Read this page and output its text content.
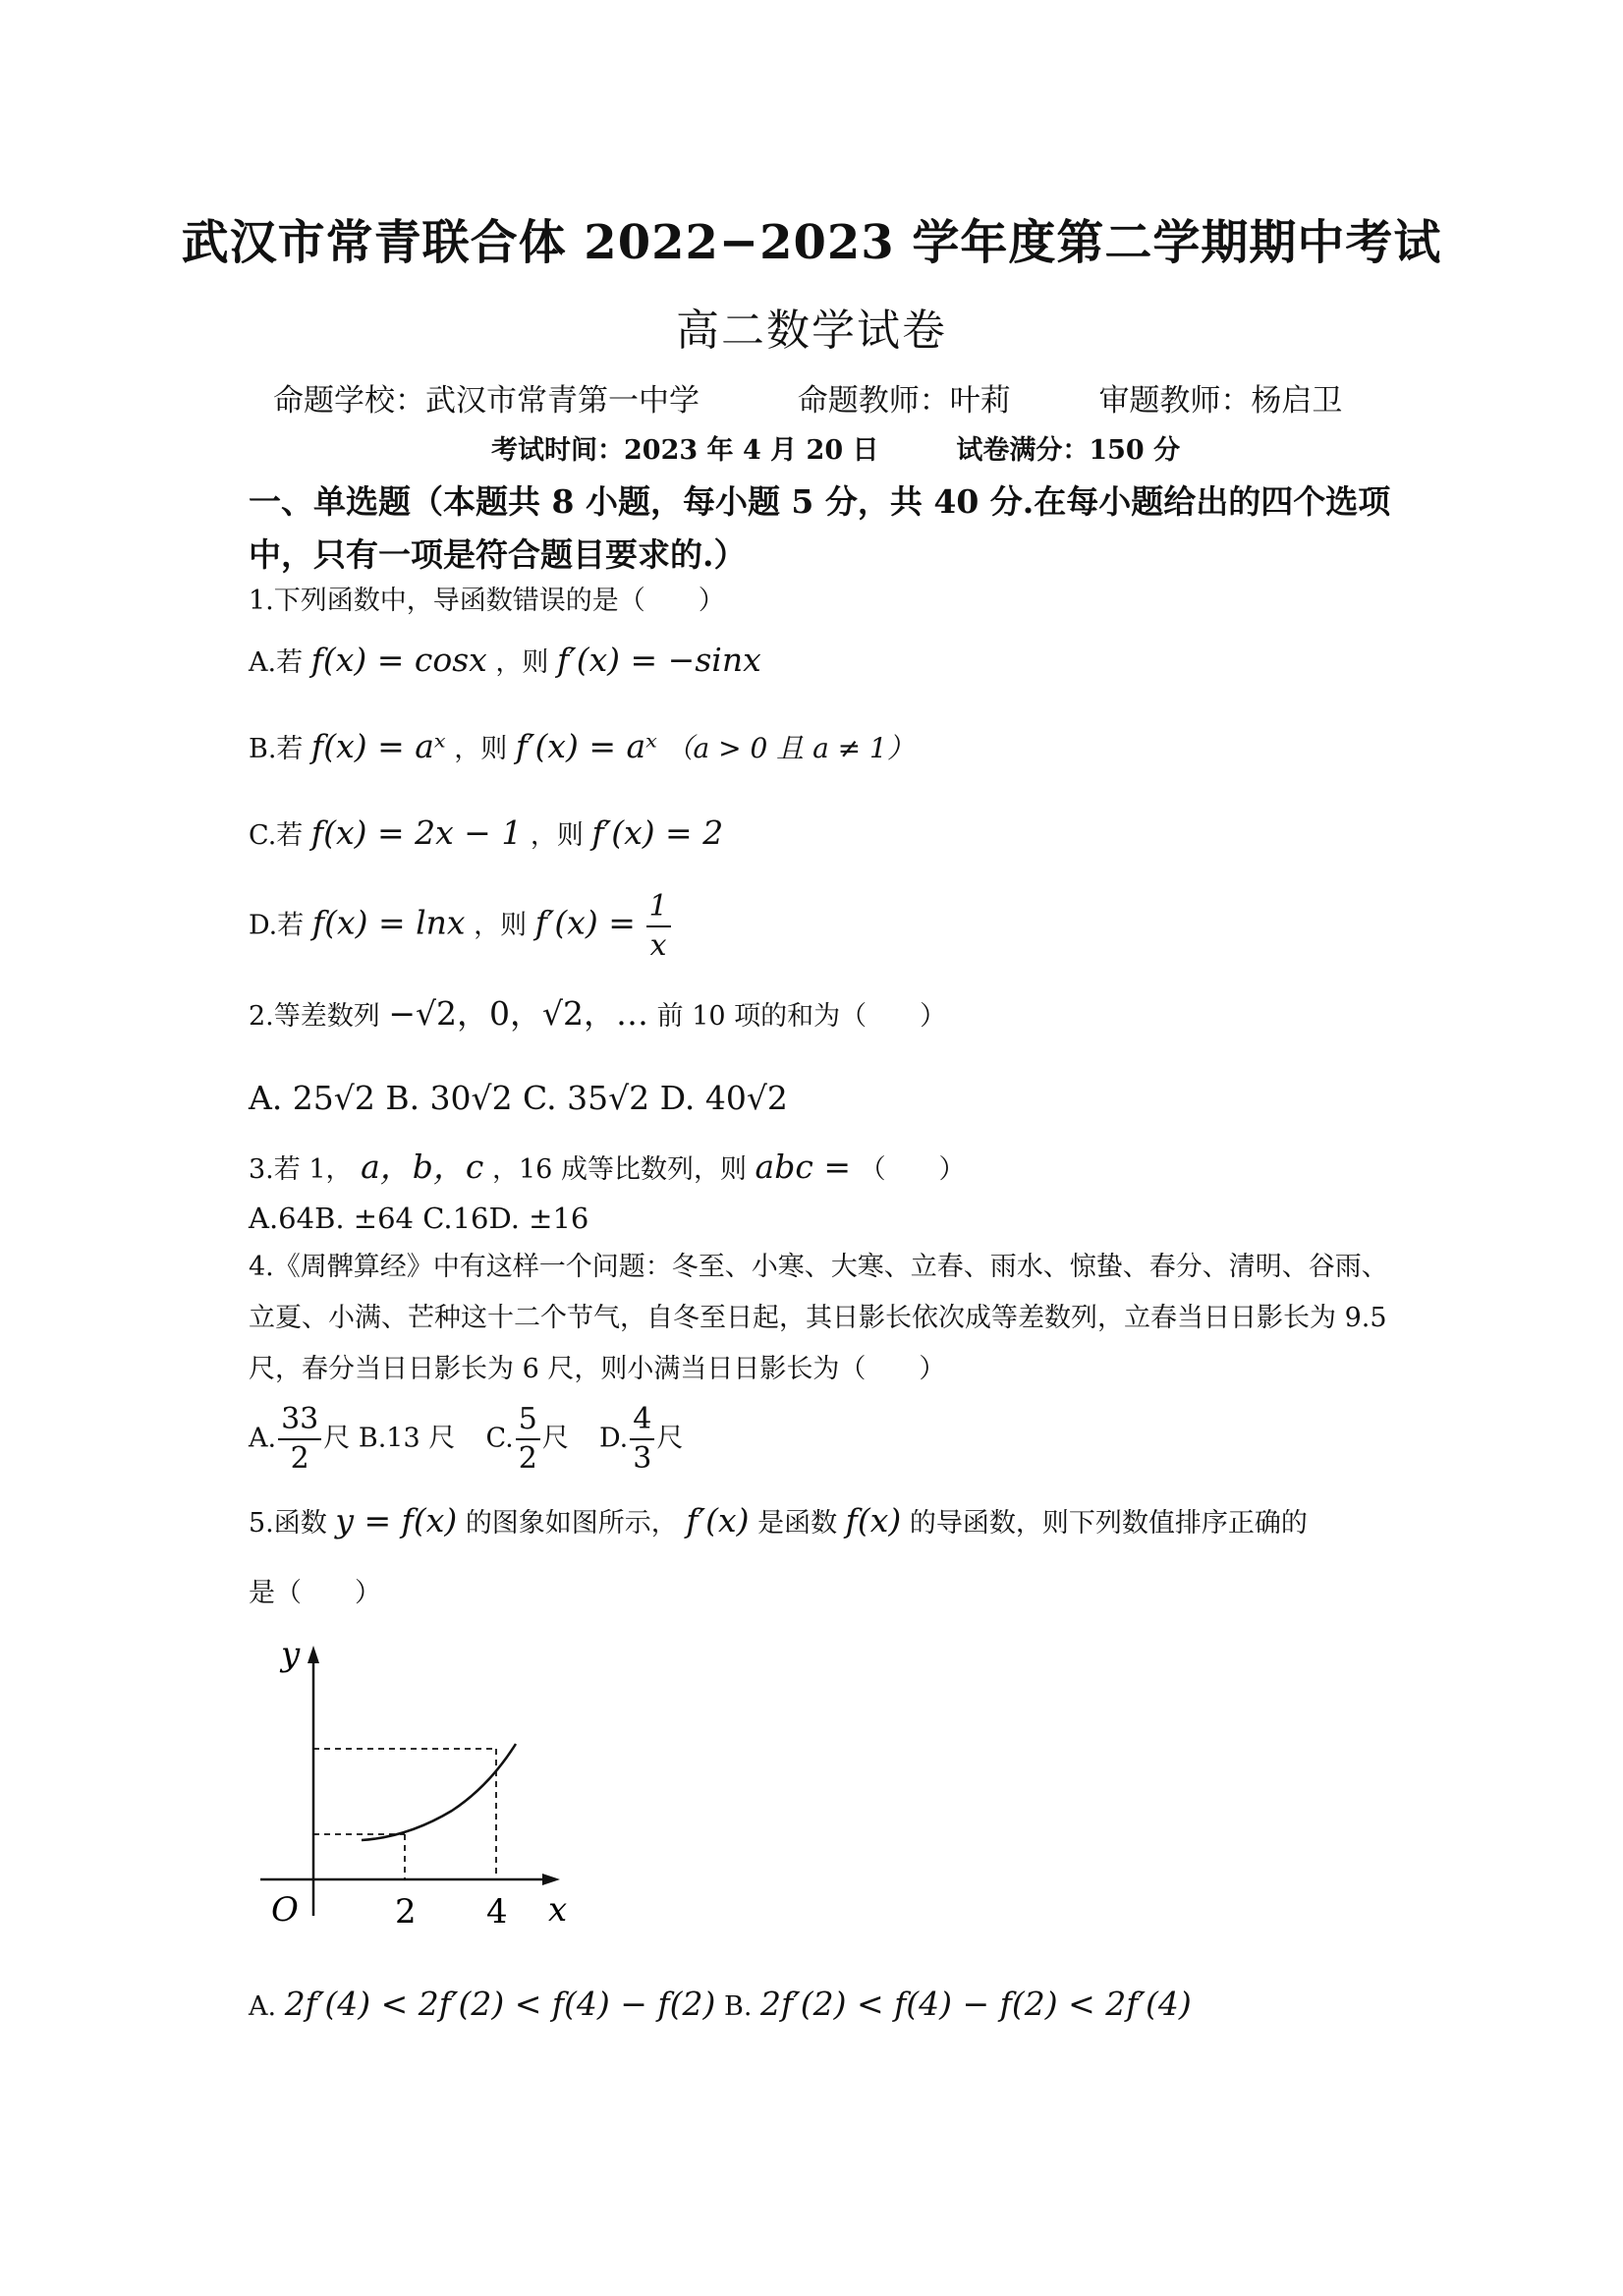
武汉市常青联合体 2022−2023 学年度第二学期期中考试
高二数学试卷
命题学校：武汉市常青第一中学	命题教师：叶莉	审题教师：杨启卫
考试时间：2023 年 4 月 20 日	试卷满分：150 分
一、单选题（本题共 8 小题，每小题 5 分，共 40 分.在每小题给出的四个选项中，只有一项是符合题目要求的.）
1.下列函数中，导函数错误的是（　　）
A.若 f(x) = cosx ，则 f′(x) = −sinx
B.若 f(x) = aˣ ，则 f′(x) = aˣ （a > 0 且 a ≠ 1）
C.若 f(x) = 2x − 1 ，则 f′(x) = 2
D.若 f(x) = lnx ，则 $f'(x) = \frac{1}{x}$
2.等差数列 −√2，0，√2，… 前 10 项的和为（　　）
A. 25√2 B. 30√2 C. 35√2 D. 40√2
3.若 1， a，b，c ，16 成等比数列，则 abc = （　　）
A.64B. ±64 C.16D. ±16
4.《周髀算经》中有这样一个问题：冬至、小寒、大寒、立春、雨水、惊蛰、春分、清明、谷雨、立夏、小满、芒种这十二个节气，自冬至日起，其日影长依次成等差数列，立春当日日影长为 9.5 尺，春分当日日影长为 6 尺，则小满当日日影长为（　　）
A. $\frac{33}{2}$ 尺 B.13 尺 C. $\frac{5}{2}$ 尺 D. $\frac{4}{3}$ 尺
5.函数 y = f(x) 的图象如图所示， f′(x) 是函数 f(x) 的导函数，则下列数值排序正确的
是（　　）
y
x
O	2 4
A. 2f′(4) < 2f′(2) < f(4) − f(2) B. 2f′(2) < f(4) − f(2) < 2f′(4)
